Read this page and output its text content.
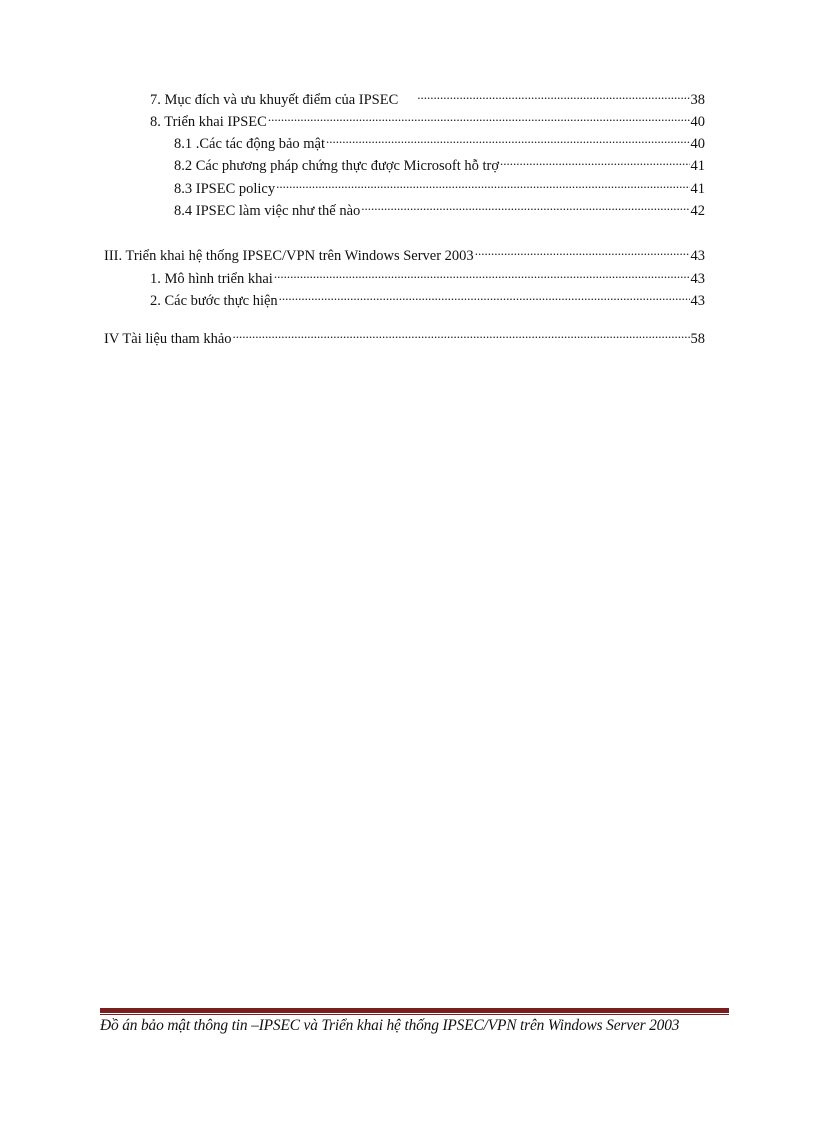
7. Mục đích và ưu khuyết điểm của IPSEC .....	38
8. Triển khai IPSEC .....	40
8.1 .Các tác động bảo mật .....	40
8.2 Các phương pháp chứng thực được Microsoft hỗ trợ .....	41
8.3 IPSEC policy .....	41
8.4 IPSEC làm việc như thế nào .....	42
III. Triển khai hệ thống IPSEC/VPN trên Windows Server 2003 .....	43
1. Mô hình triển khai .....	43
2. Các bước thực hiện .....	43
IV Tài liệu tham khảo .....	58
Đồ án bảo mật thông tin –IPSEC và Triển khai hệ thống IPSEC/VPN trên Windows Server 2003
